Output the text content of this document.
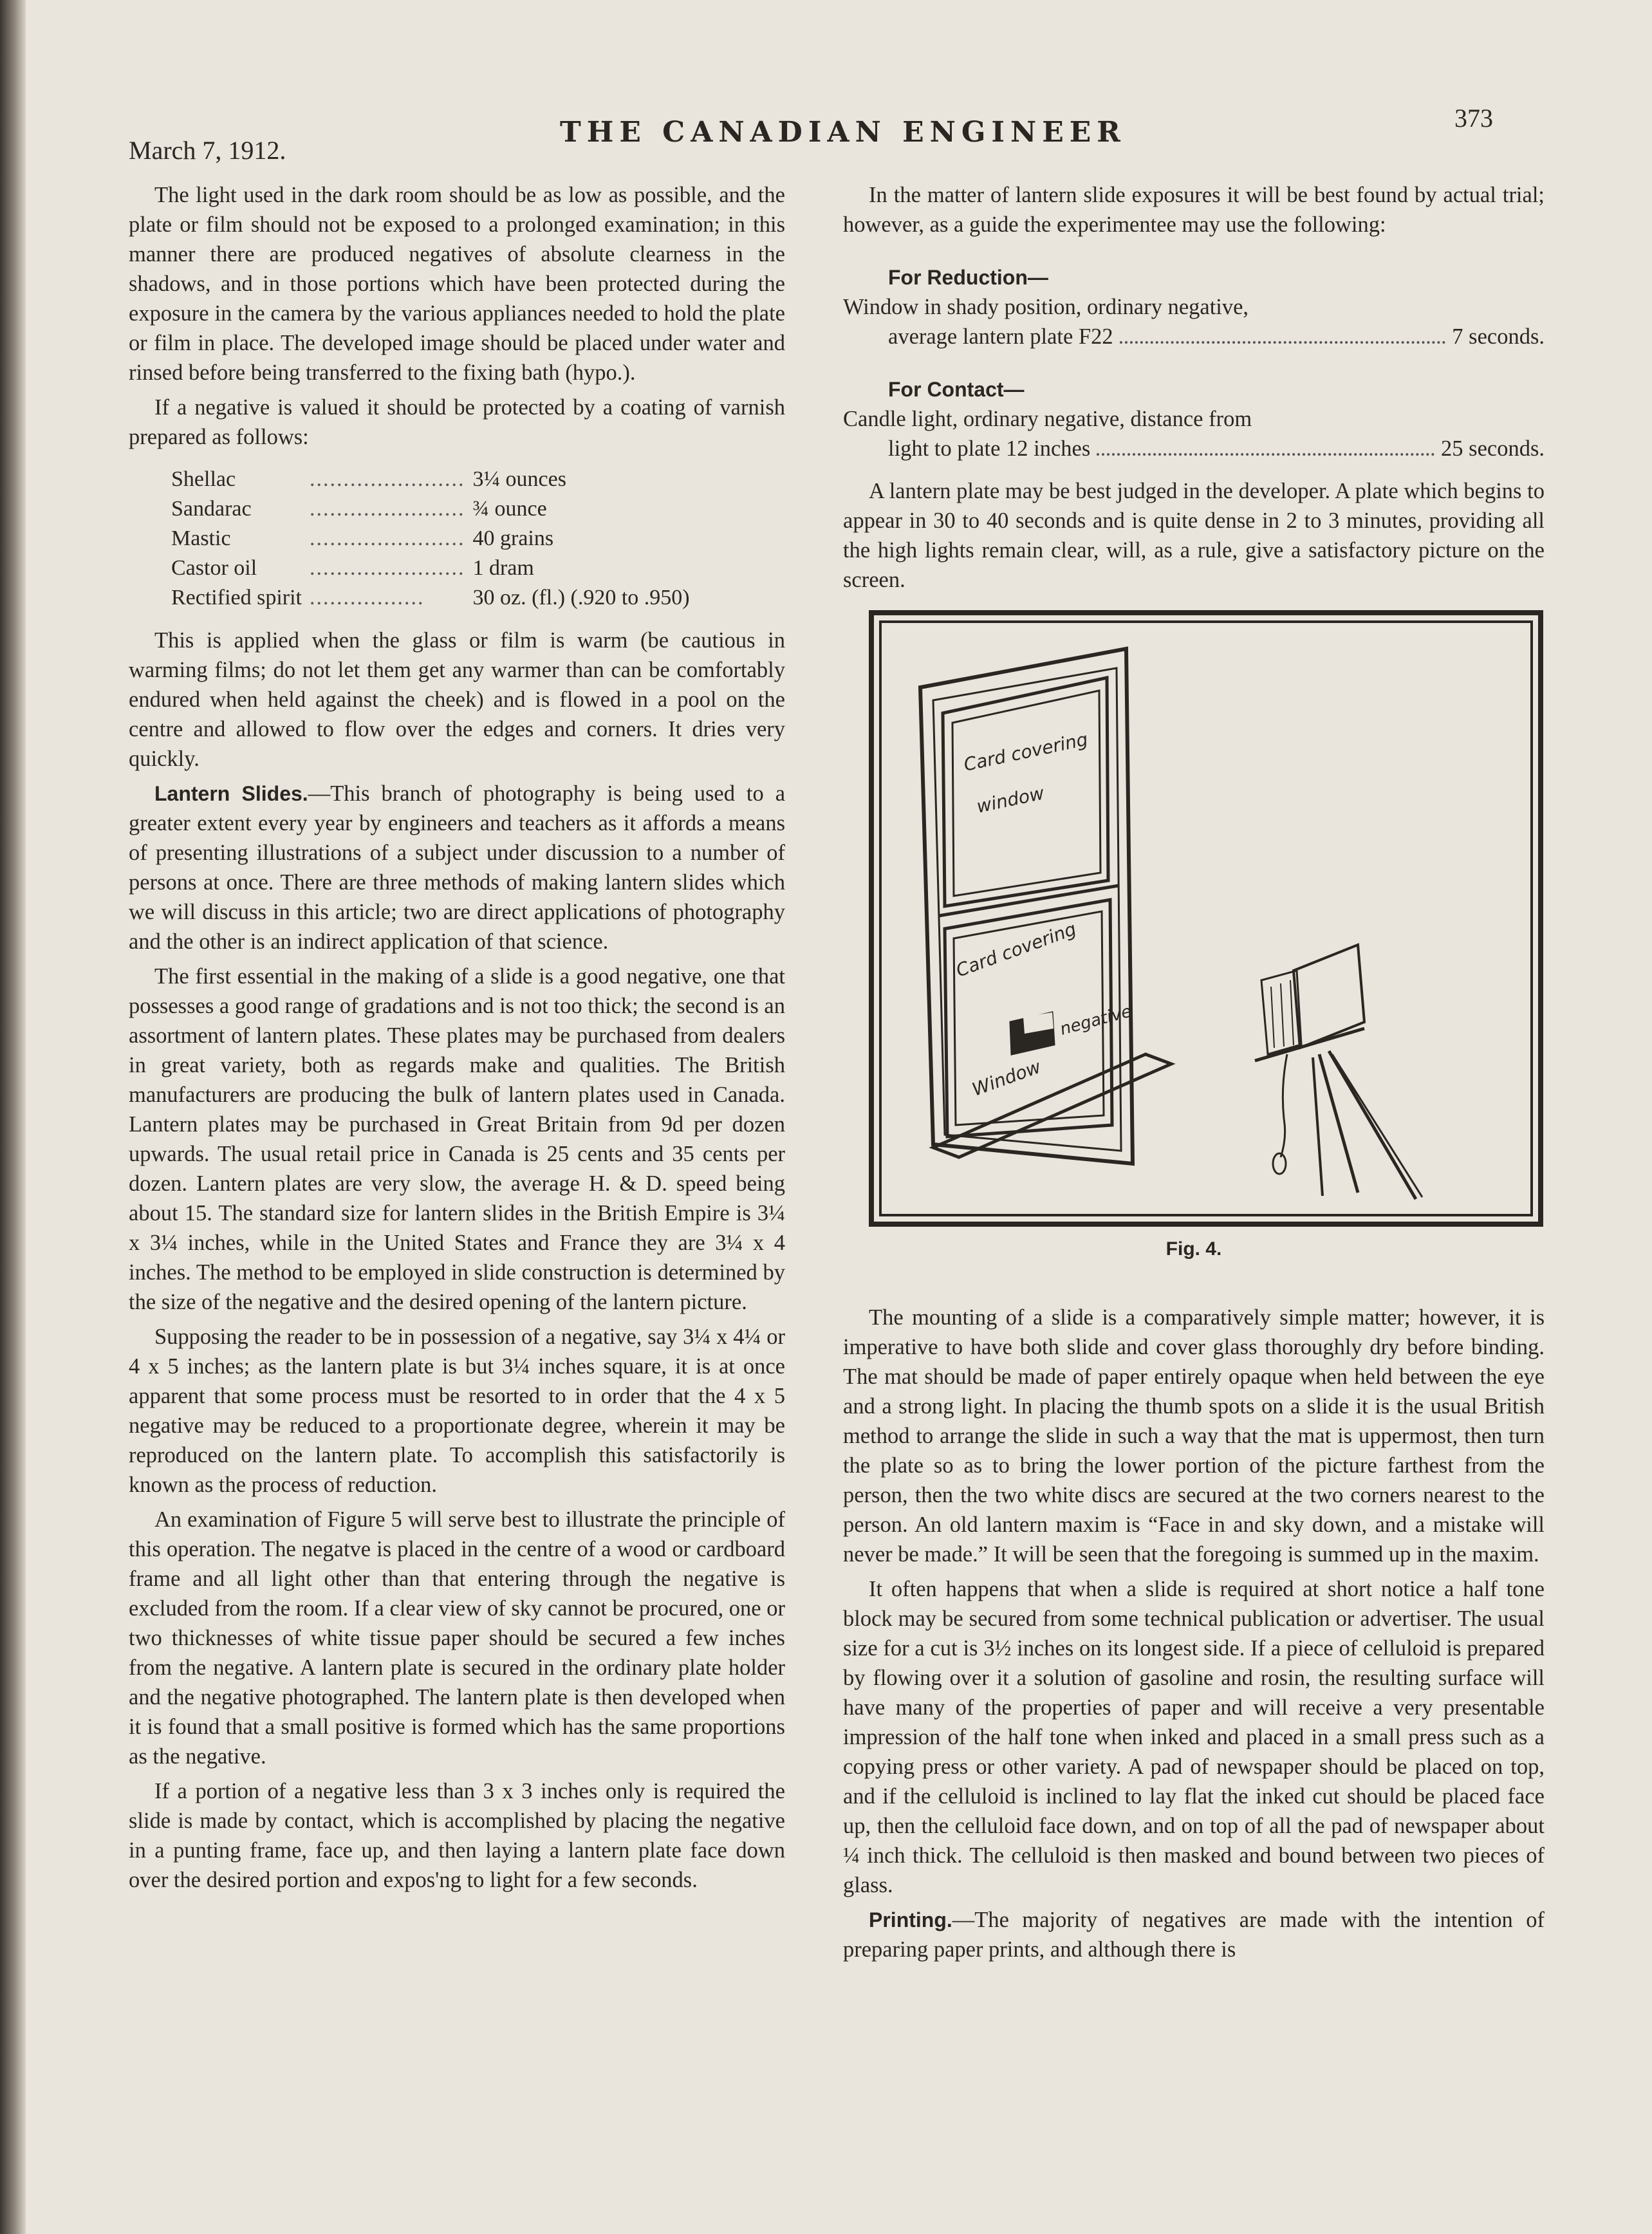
March 7, 1912.
THE CANADIAN ENGINEER	373

The light used in the dark room should be as low as possible, and the plate or film should not be exposed to a prolonged examination; in this manner there are produced negatives of absolute clearness in the shadows, and in those portions which have been protected during the exposure in the camera by the various appliances needed to hold the plate or film in place. The developed image should be placed under water and rinsed before being transferred to the fixing bath (hypo.).

If a negative is valued it should be protected by a coating of varnish prepared as follows:

Shellac	.......................	3¼ ounces
Sandarac	.......................	¾ ounce
Mastic	.......................	40 grains
Castor oil	.......................	1 dram
Rectified spirit	.................	30 oz. (fl.) (.920 to .950)

This is applied when the glass or film is warm (be cautious in warming films; do not let them get any warmer than can be comfortably endured when held against the cheek) and is flowed in a pool on the centre and allowed to flow over the edges and corners. It dries very quickly.

Lantern Slides.—This branch of photography is being used to a greater extent every year by engineers and teachers as it affords a means of presenting illustrations of a subject under discussion to a number of persons at once. There are three methods of making lantern slides which we will discuss in this article; two are direct applications of photography and the other is an indirect application of that science.

The first essential in the making of a slide is a good negative, one that possesses a good range of gradations and is not too thick; the second is an assortment of lantern plates. These plates may be purchased from dealers in great variety, both as regards make and qualities. The British manufacturers are producing the bulk of lantern plates used in Canada. Lantern plates may be purchased in Great Britain from 9d per dozen upwards. The usual retail price in Canada is 25 cents and 35 cents per dozen. Lantern plates are very slow, the average H. & D. speed being about 15. The standard size for lantern slides in the British Empire is 3¼ x 3¼ inches, while in the United States and France they are 3¼ x 4 inches. The method to be employed in slide construction is determined by the size of the negative and the desired opening of the lantern picture.

Supposing the reader to be in possession of a negative, say 3¼ x 4¼ or 4 x 5 inches; as the lantern plate is but 3¼ inches square, it is at once apparent that some process must be resorted to in order that the 4 x 5 negative may be reduced to a proportionate degree, wherein it may be reproduced on the lantern plate. To accomplish this satisfactorily is known as the process of reduction.

An examination of Figure 5 will serve best to illustrate the principle of this operation. The negatve is placed in the centre of a wood or cardboard frame and all light other than that entering through the negative is excluded from the room. If a clear view of sky cannot be procured, one or two thicknesses of white tissue paper should be secured a few inches from the negative. A lantern plate is secured in the ordinary plate holder and the negative photographed. The lantern plate is then developed when it is found that a small positive is formed which has the same proportions as the negative.

If a portion of a negative less than 3 x 3 inches only is required the slide is made by contact, which is accomplished by placing the negative in a punting frame, face up, and then laying a lantern plate face down over the desired portion and expos'ng to light for a few seconds.

In the matter of lantern slide exposures it will be best found by actual trial; however, as a guide the experimentee may use the following:

For Reduction—
Window in shady position, ordinary negative,
average lantern plate F22	7 seconds.
For Contact—
Candle light, ordinary negative, distance from
light to plate 12 inches	25 seconds.

A lantern plate may be best judged in the developer. A plate which begins to appear in 30 to 40 seconds and is quite dense in 2 to 3 minutes, providing all the high lights remain clear, will, as a rule, give a satisfactory picture on the screen.

Card covering
window
Card covering
negative
Window
Fig. 4.

The mounting of a slide is a comparatively simple matter; however, it is imperative to have both slide and cover glass thoroughly dry before binding. The mat should be made of paper entirely opaque when held between the eye and a strong light. In placing the thumb spots on a slide it is the usual British method to arrange the slide in such a way that the mat is uppermost, then turn the plate so as to bring the lower portion of the picture farthest from the person, then the two white discs are secured at the two corners nearest to the person. An old lantern maxim is “Face in and sky down, and a mistake will never be made.” It will be seen that the foregoing is summed up in the maxim.

It often happens that when a slide is required at short notice a half tone block may be secured from some technical publication or advertiser. The usual size for a cut is 3½ inches on its longest side. If a piece of celluloid is prepared by flowing over it a solution of gasoline and rosin, the resulting surface will have many of the properties of paper and will receive a very presentable impression of the half tone when inked and placed in a small press such as a copying press or other variety. A pad of newspaper should be placed on top, and if the celluloid is inclined to lay flat the inked cut should be placed face up, then the celluloid face down, and on top of all the pad of newspaper about ¼ inch thick. The celluloid is then masked and bound between two pieces of glass.

Printing.—The majority of negatives are made with the intention of preparing paper prints, and although there is
